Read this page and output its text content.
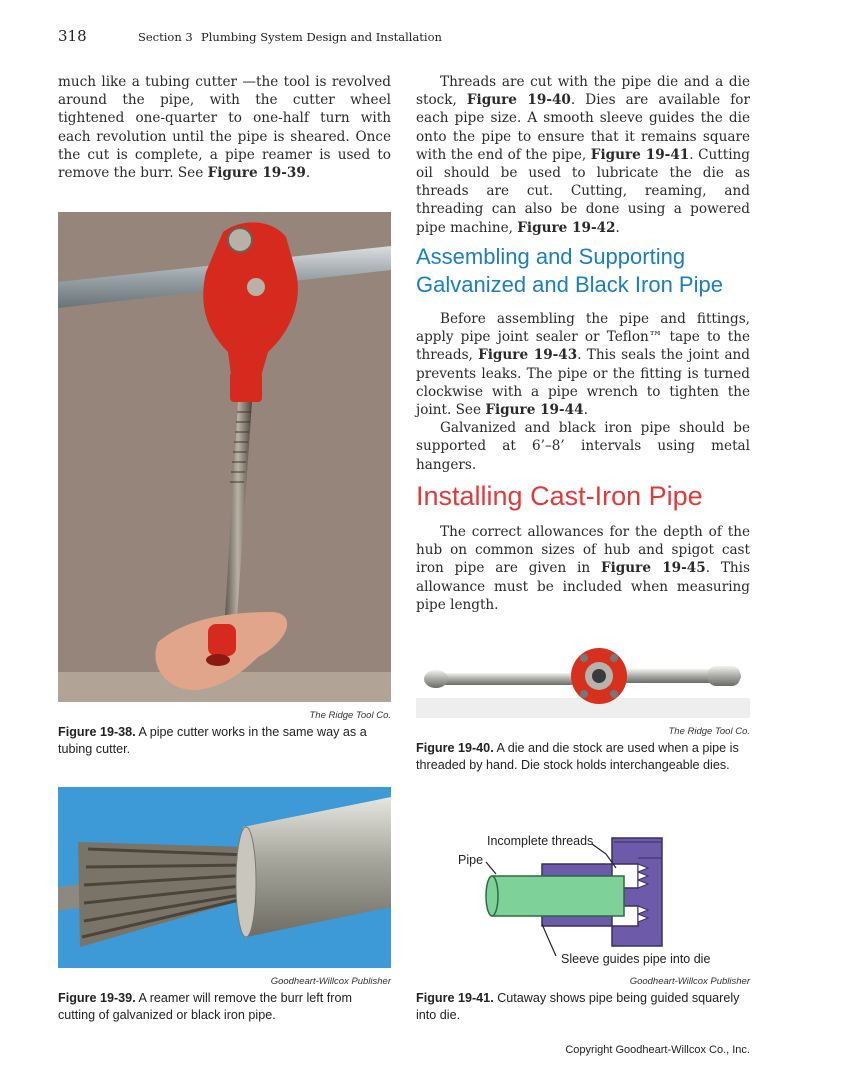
318	Section 3 Plumbing System Design and Installation

much like a tubing cutter —the tool is revolved around the pipe, with the cutter wheel tightened one-quarter to one-half turn with each revolution until the pipe is sheared. Once the cut is complete, a pipe reamer is used to remove the burr. See Figure 19-39.

The Ridge Tool Co.
Figure 19-38. A pipe cutter works in the same way as a tubing cutter.
Goodheart-Willcox Publisher
Figure 19-39. A reamer will remove the burr left from cutting of galvanized or black iron pipe.

Threads are cut with the pipe die and a die stock, Figure 19-40. Dies are available for each pipe size. A smooth sleeve guides the die onto the pipe to ensure that it remains square with the end of the pipe, Figure 19-41. Cutting oil should be used to lubricate the die as threads are cut. Cutting, reaming, and threading can also be done using a powered pipe machine, Figure 19-42.

Assembling and Supporting Galvanized and Black Iron Pipe

Before assembling the pipe and fittings, apply pipe joint sealer or Teflon™ tape to the threads, Figure 19-43. This seals the joint and prevents leaks. The pipe or the fitting is turned clockwise with a pipe wrench to tighten the joint. See Figure 19-44.

Galvanized and black iron pipe should be supported at 6’–8’ intervals using metal hangers.

Installing Cast-Iron Pipe

The correct allowances for the depth of the hub on common sizes of hub and spigot cast iron pipe are given in Figure 19-45. This allowance must be included when measuring pipe length.

The Ridge Tool Co.
Figure 19-40. A die and die stock are used when a pipe is threaded by hand. Die stock holds interchangeable dies.
Incomplete threads
Pipe
Sleeve guides pipe into die
Goodheart-Willcox Publisher
Figure 19-41. Cutaway shows pipe being guided squarely into die.
Copyright Goodheart-Willcox Co., Inc.
